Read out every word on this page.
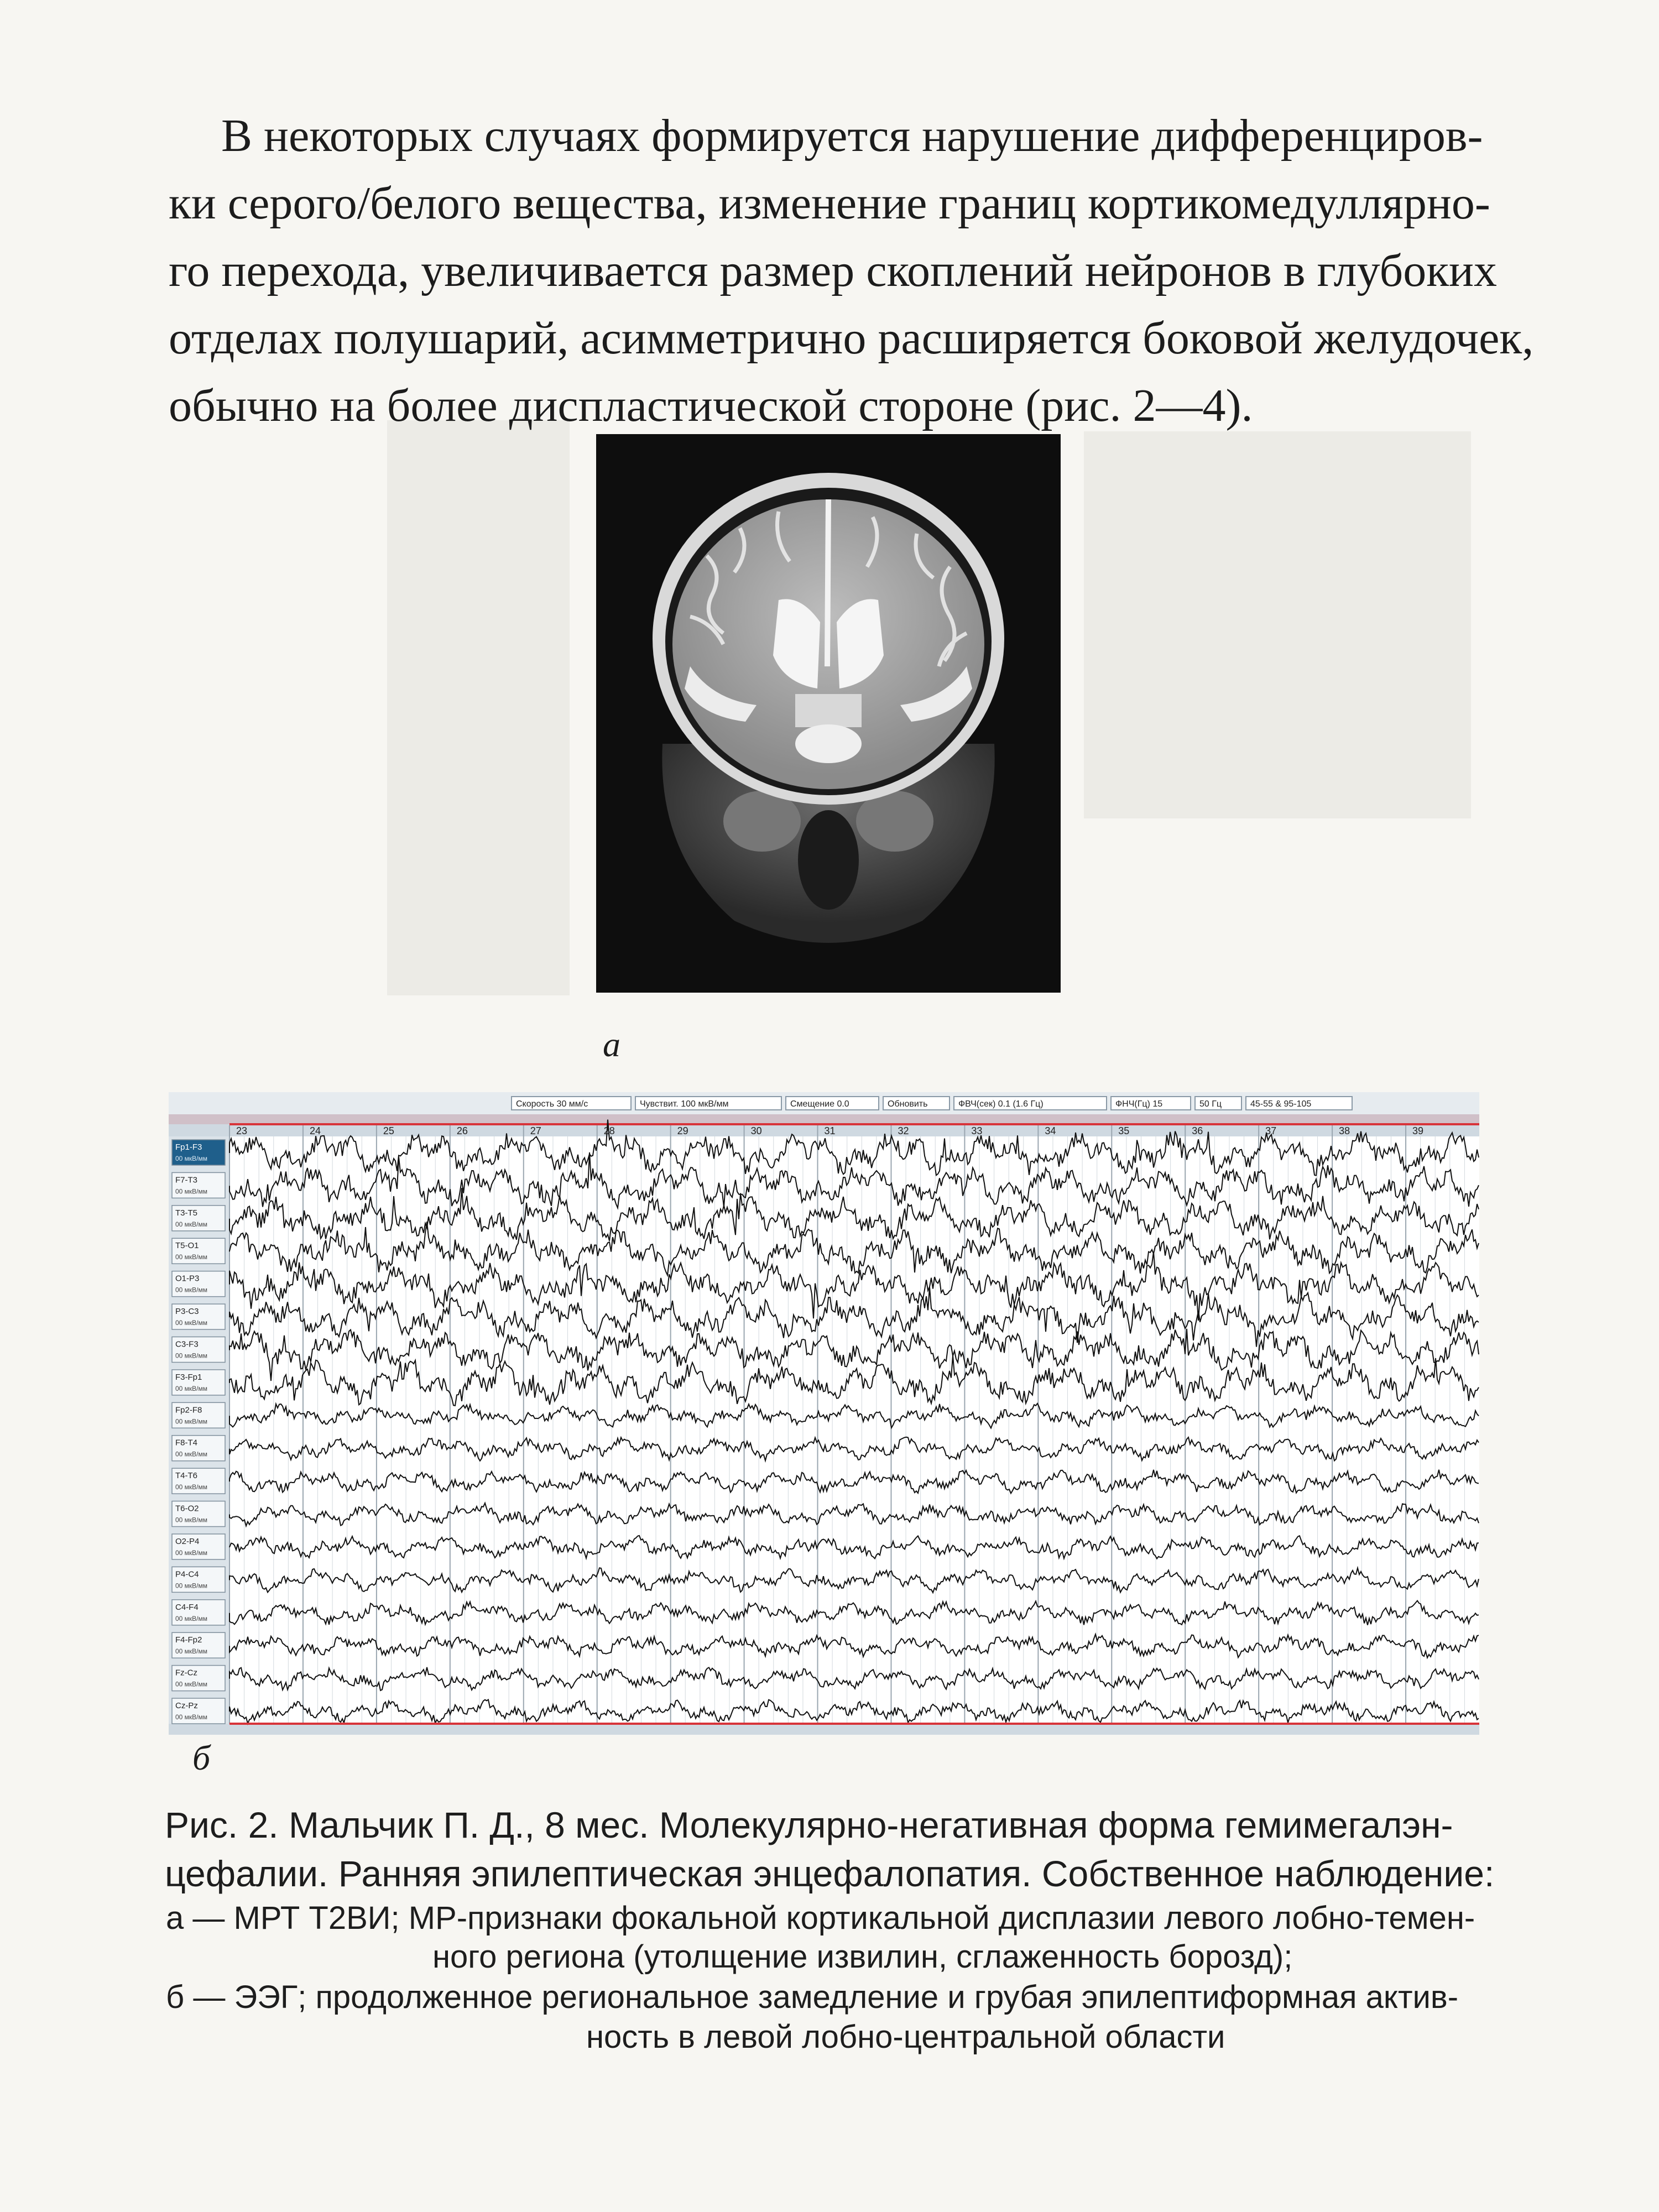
В некоторых случаях формируется нарушение дифференциров-
ки серого/белого вещества, изменение границ кортикомедуллярно-
го перехода, увеличивается размер скоплений нейронов в глубоких
отделах полушарий, асимметрично расширяется боковой желудочек,
обычно на более диспластической стороне (рис. 2—4).
а
Скорость 30 мм/с	Чувствит. 100 мкВ/мм	Смещение 0.0	Обновить	ФВЧ(сек) 0.1 (1.6 Гц)	ФНЧ(Гц) 15	50 Гц	45-55 & 95-105
23	24	25	26	27	28	29	30	31	32	33	34	35	36	37	38	39
Fp1-F3
00 мкВ/мм
F7-T3
00 мкВ/мм
T3-T5
00 мкВ/мм
T5-O1
00 мкВ/мм
O1-P3
00 мкВ/мм
P3-C3
00 мкВ/мм
C3-F3
00 мкВ/мм
F3-Fp1
00 мкВ/мм
Fp2-F8
00 мкВ/мм
F8-T4
00 мкВ/мм
T4-T6
00 мкВ/мм
T6-O2
00 мкВ/мм
O2-P4
00 мкВ/мм
P4-C4
00 мкВ/мм
C4-F4
00 мкВ/мм
F4-Fp2
00 мкВ/мм
Fz-Cz
00 мкВ/мм
Cz-Pz
00 мкВ/мм
б
Рис. 2. Мальчик П. Д., 8 мес. Молекулярно-негативная форма гемимегалэн-
цефалии. Ранняя эпилептическая энцефалопатия. Собственное наблюдение:
а — МРТ Т2ВИ; МР-признаки фокальной кортикальной дисплазии левого лобно-темен-
ного региона (утолщение извилин, сглаженность борозд);
б — ЭЭГ; продолженное региональное замедление и грубая эпилептиформная актив-
ность в левой лобно-центральной области
